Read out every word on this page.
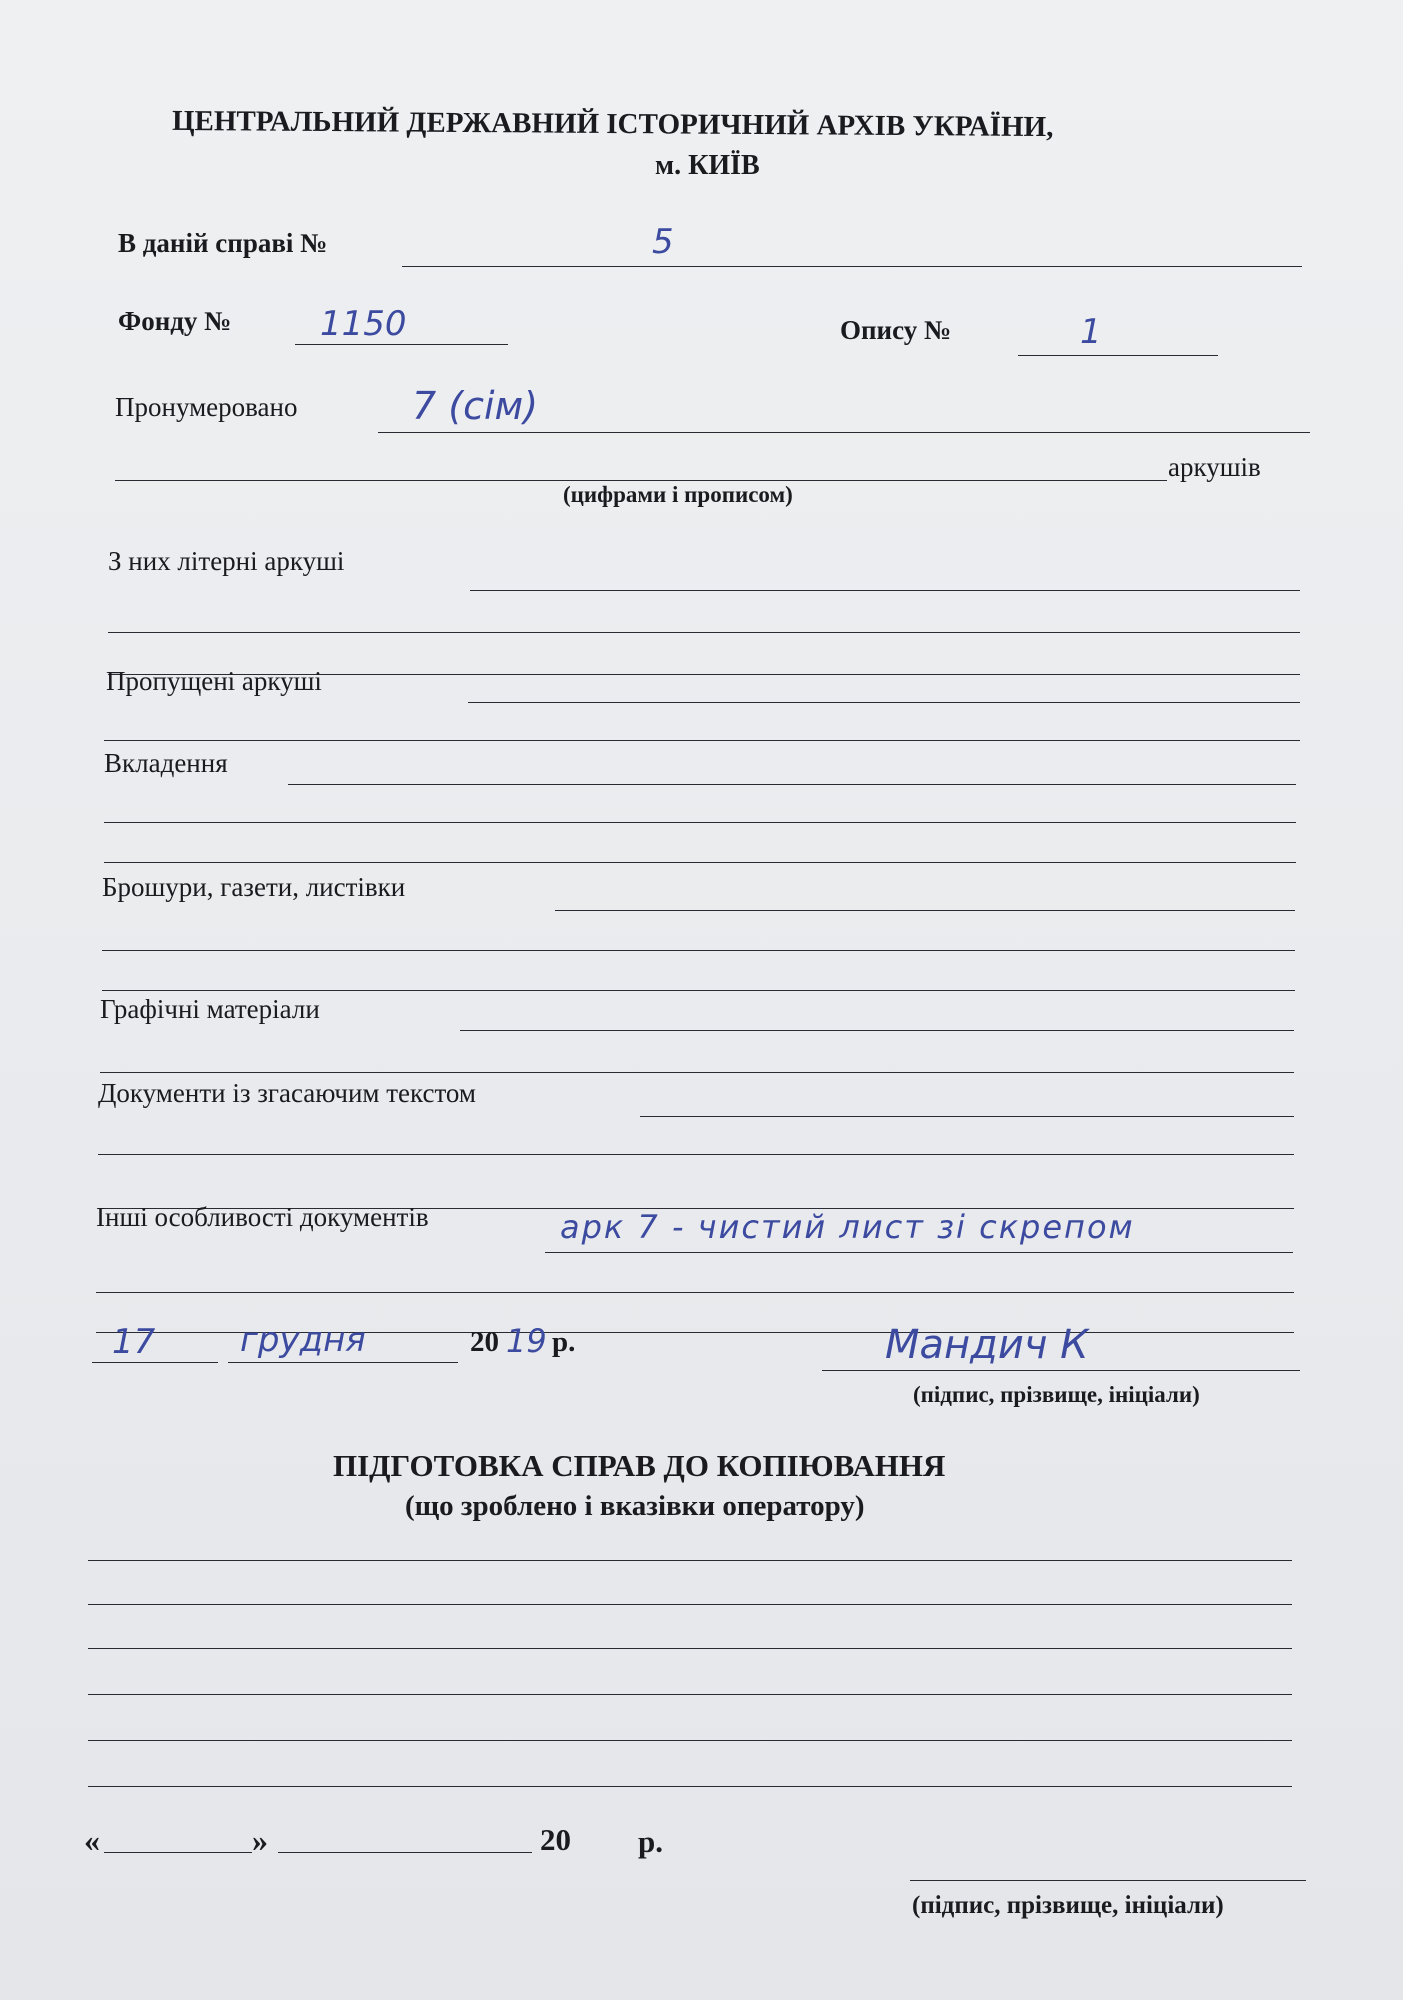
ЦЕНТРАЛЬНИЙ ДЕРЖАВНИЙ ІСТОРИЧНИЙ АРХІВ УКРАЇНИ,
м. КИЇВ
В даній справі №	5
Фонду №	1150	Опису №	1
Пронумеровано	7 (сім)
аркушів
(цифрами і прописом)
З них літерні аркуші
Пропущені аркуші
Вкладення
Брошури, газети, листівки
Графічні матеріали
Документи із згасаючим текстом
Інші особливості документів	арк 7 - чистий лист зі скрепом
17 грудня	20 19 р.	Мандич К
(підпис, прізвище, ініціали)
ПІДГОТОВКА СПРАВ ДО КОПІЮВАННЯ
(що зроблено і вказівки оператору)
«	»	20 р.
(підпис, прізвище, ініціали)
